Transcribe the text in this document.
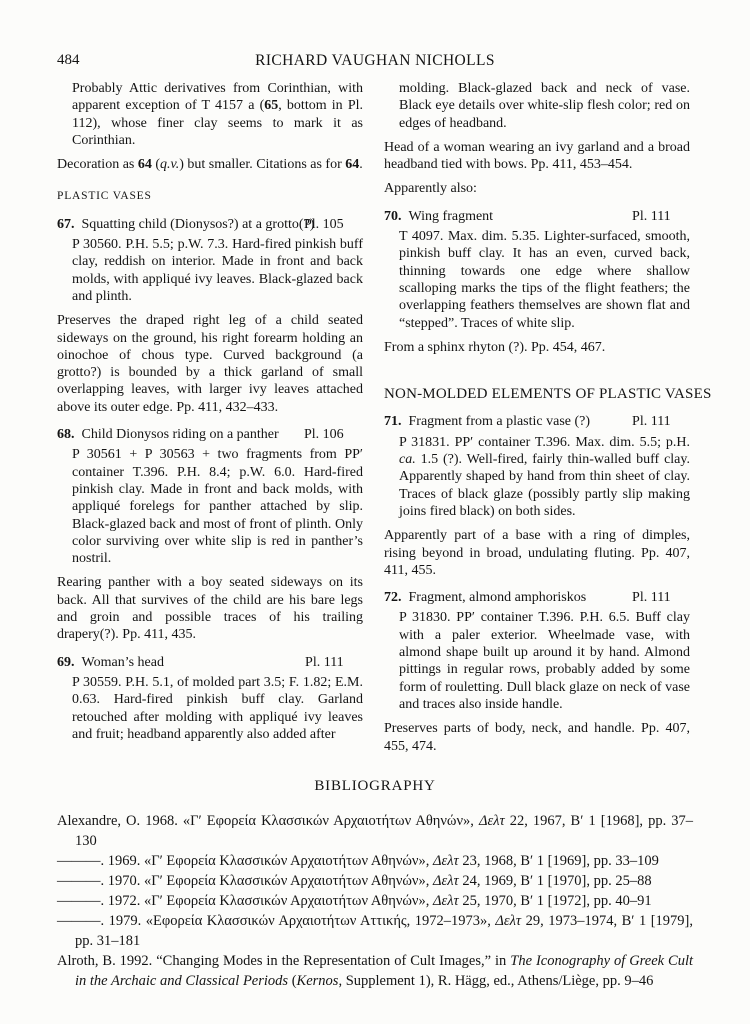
484	RICHARD VAUGHAN NICHOLLS

Probably Attic derivatives from Corinthian, with apparent exception of T 4157 a (65, bottom in Pl. 112), whose finer clay seems to mark it as Corinthian.

Decoration as 64 (q.v.) but smaller. Citations as for 64.

PLASTIC VASES
Pl. 105
67. Squatting child (Dionysos?) at a grotto(?)

P 30560. P.H. 5.5; p.W. 7.3. Hard-fired pinkish buff clay, reddish on interior. Made in front and back molds, with appliqué ivy leaves. Black-glazed back and plinth.

Preserves the draped right leg of a child seated sideways on the ground, his right forearm holding an oinochoe of chous type. Curved background (a grotto?) is bounded by a thick garland of small overlapping leaves, with larger ivy leaves attached above its outer edge. Pp. 411, 432–433.

Pl. 106
68. Child Dionysos riding on a panther

P 30561 + P 30563 + two fragments from PP′ container T.396. P.H. 8.4; p.W. 6.0. Hard-fired pinkish clay. Made in front and back molds, with appliqué forelegs for panther attached by slip. Black-glazed back and most of front of plinth. Only color surviving over white slip is red in panther’s nostril.

Rearing panther with a boy seated sideways on its back. All that survives of the child are his bare legs and groin and possible traces of his trailing drapery(?). Pp. 411, 435.

Pl. 111
69. Woman’s head

P 30559. P.H. 5.1, of molded part 3.5; F. 1.82; E.M. 0.63. Hard-fired pinkish buff clay. Garland retouched after molding with appliqué ivy leaves and fruit; headband apparently also added after

molding. Black-glazed back and neck of vase. Black eye details over white-slip flesh color; red on edges of headband.

Head of a woman wearing an ivy garland and a broad headband tied with bows. Pp. 411, 453–454.

Apparently also:

Pl. 111
70. Wing fragment

T 4097. Max. dim. 5.35. Lighter-surfaced, smooth, pinkish buff clay. It has an even, curved back, thinning towards one edge where shallow scalloping marks the tips of the flight feathers; the overlapping feathers themselves are shown flat and “stepped”. Traces of white slip.

From a sphinx rhyton (?). Pp. 454, 467.

NON-MOLDED ELEMENTS OF PLASTIC VASES
Pl. 111
71. Fragment from a plastic vase (?)

P 31831. PP′ container T.396. Max. dim. 5.5; p.H. ca. 1.5 (?). Well-fired, fairly thin-walled buff clay. Apparently shaped by hand from thin sheet of clay. Traces of black glaze (possibly partly slip making joins fired black) on both sides.

Apparently part of a base with a ring of dimples, rising beyond in broad, undulating fluting. Pp. 407, 411, 455.

Pl. 111
72. Fragment, almond amphoriskos

P 31830. PP′ container T.396. P.H. 6.5. Buff clay with a paler exterior. Wheelmade vase, with almond shape built up around it by hand. Almond pittings in regular rows, probably added by some form of rouletting. Dull black glaze on neck of vase and traces also inside handle.

Preserves parts of body, neck, and handle. Pp. 407, 455, 474.

BIBLIOGRAPHY

Alexandre, O. 1968. «Γ′ Εφορεία Κλασσικών Αρχαιοτήτων Αθηνών», Δελτ 22, 1967, Β′ 1 [1968], pp. 37–130

———. 1969. «Γ′ Εφορεία Κλασσικών Αρχαιοτήτων Αθηνών», Δελτ 23, 1968, Β′ 1 [1969], pp. 33–109

———. 1970. «Γ′ Εφορεία Κλασσικών Αρχαιοτήτων Αθηνών», Δελτ 24, 1969, Β′ 1 [1970], pp. 25–88

———. 1972. «Γ′ Εφορεία Κλασσικών Αρχαιοτήτων Αθηνών», Δελτ 25, 1970, Β′ 1 [1972], pp. 40–91

———. 1979. «Εφορεία Κλασσικών Αρχαιοτήτων Αττικής, 1972–1973», Δελτ 29, 1973–1974, Β′ 1 [1979], pp. 31–181

Alroth, B. 1992. “Changing Modes in the Representation of Cult Images,” in The Iconography of Greek Cult in the Archaic and Classical Periods (Kernos, Supplement 1), R. Hägg, ed., Athens/Liège, pp. 9–46
